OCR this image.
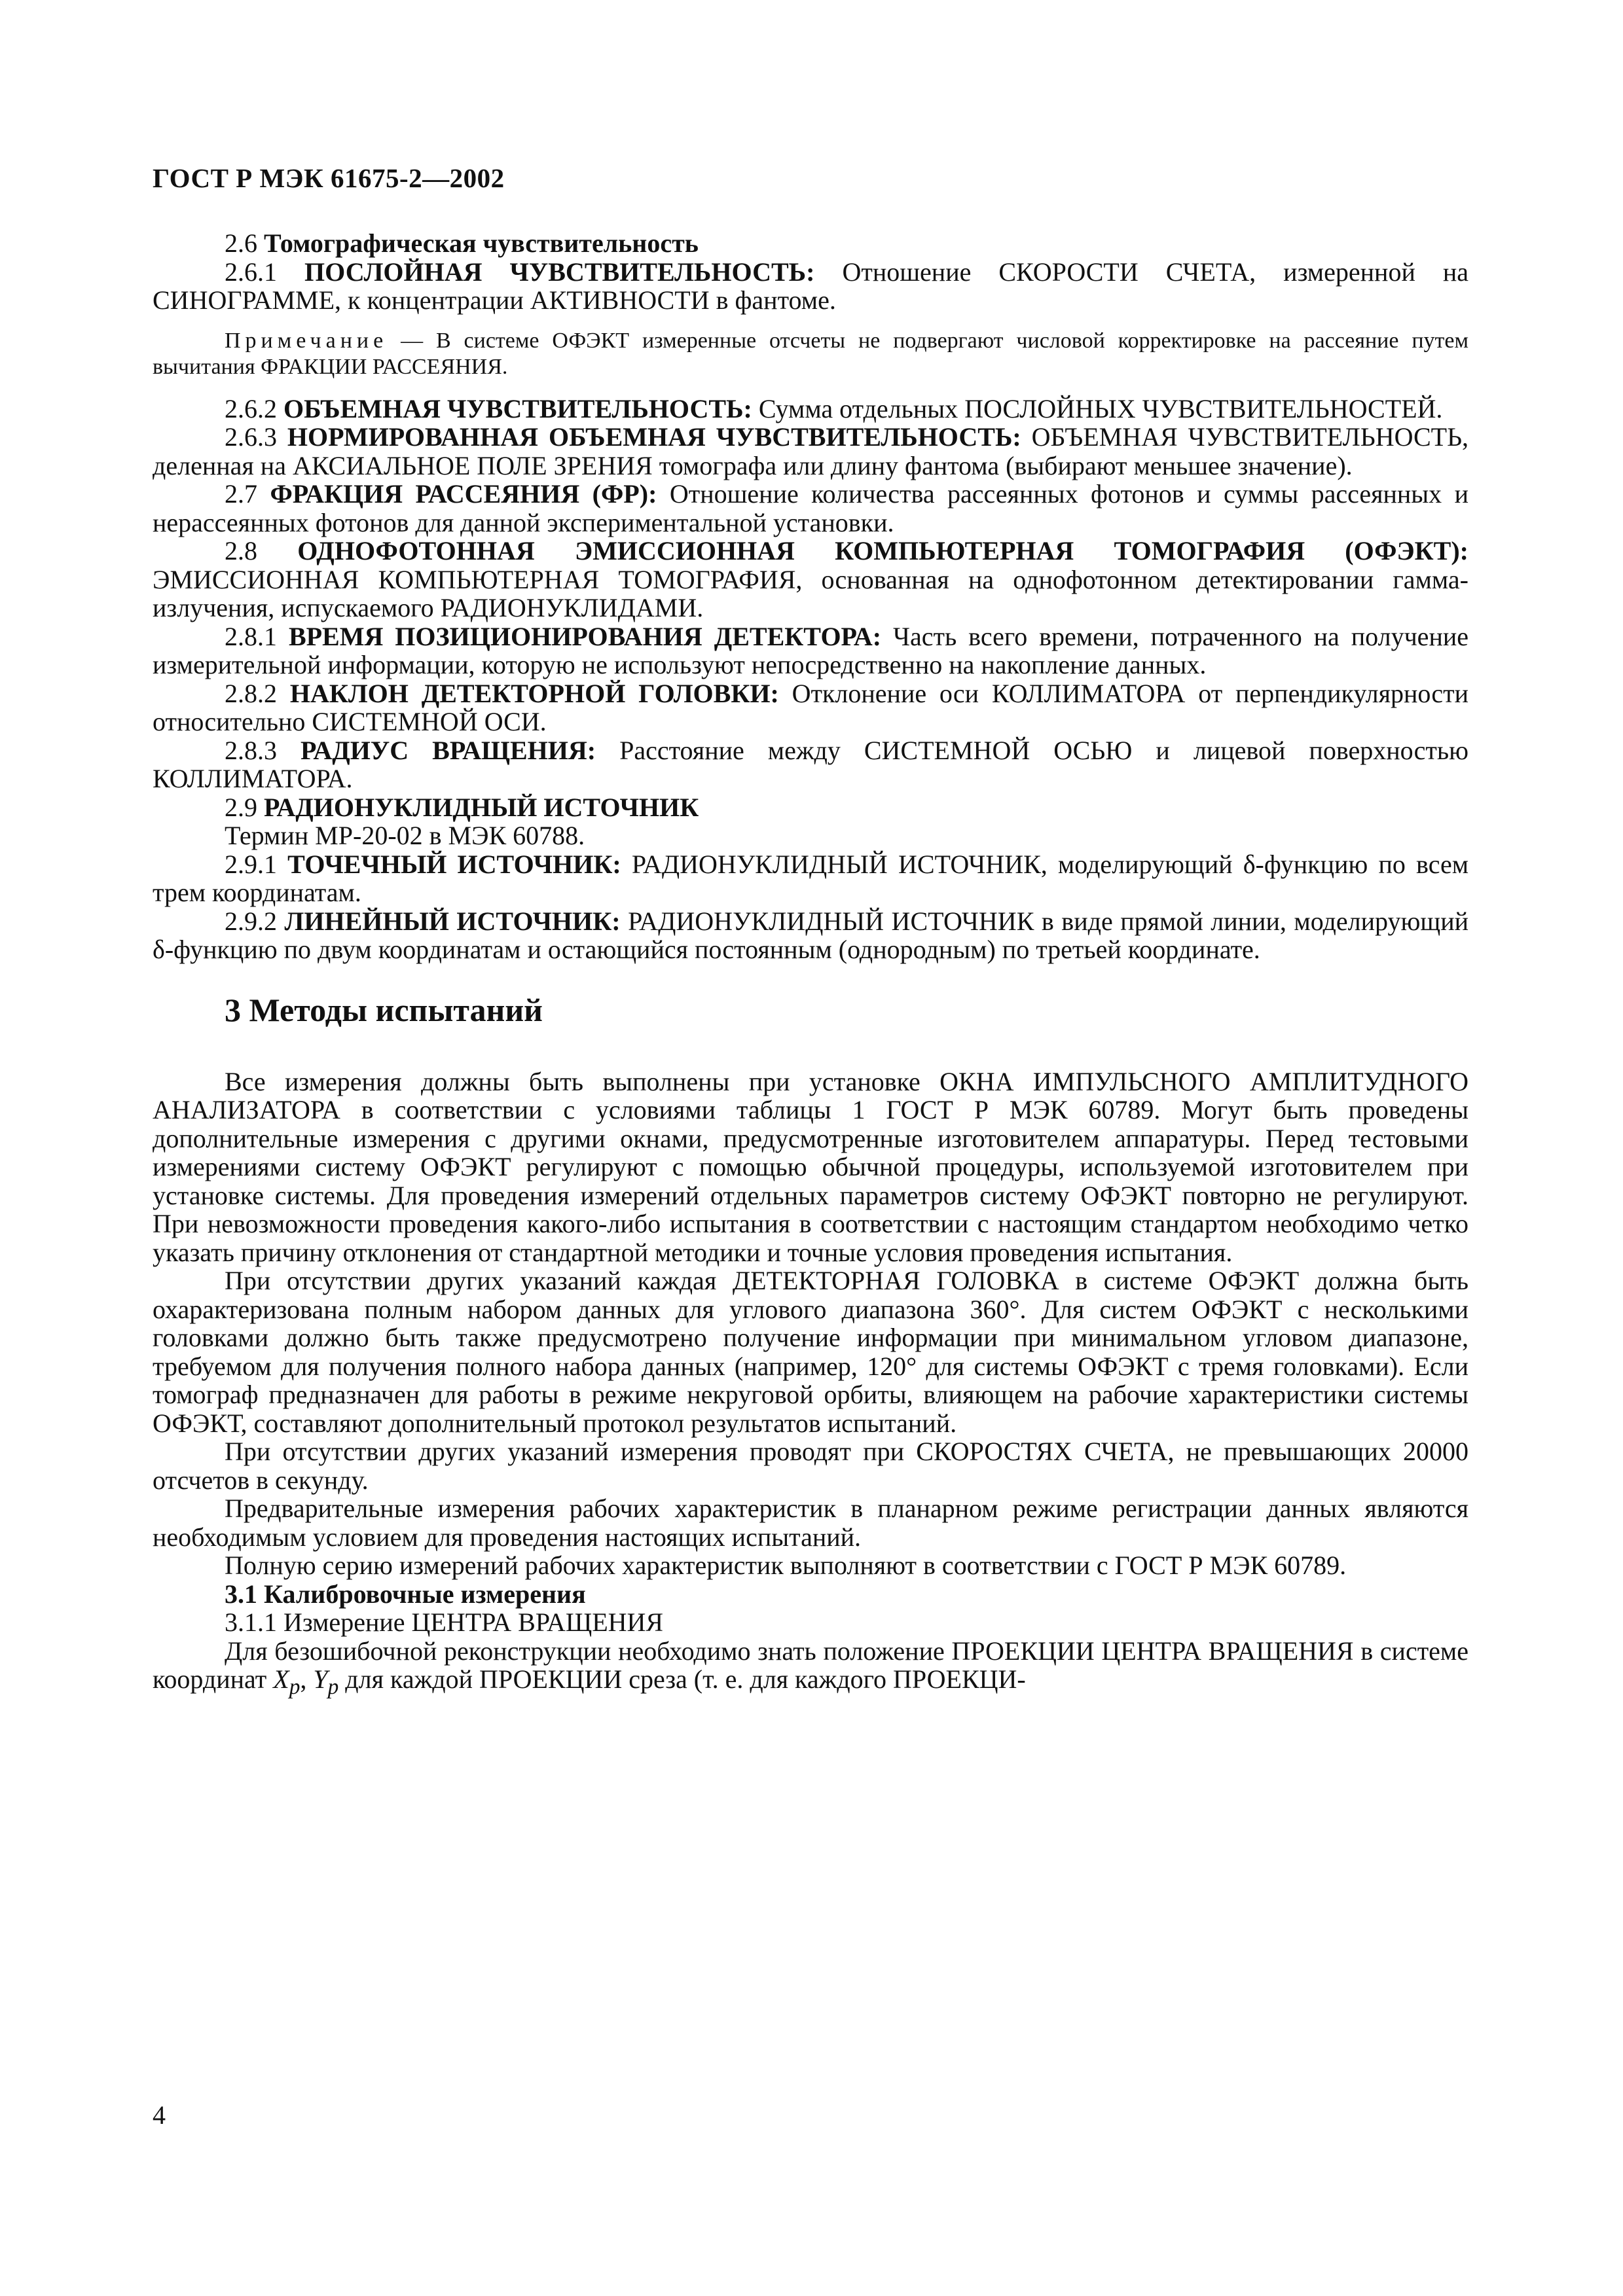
ГОСТ Р МЭК 61675-2—2002

2.6 Томографическая чувствительность

2.6.1 ПОСЛОЙНАЯ ЧУВСТВИТЕЛЬНОСТЬ: Отношение СКОРОСТИ СЧЕТА, измеренной на СИНОГРАММЕ, к концентрации АКТИВНОСТИ в фантоме.

Примечание — В системе ОФЭКТ измеренные отсчеты не подвергают числовой корректировке на рассеяние путем вычитания ФРАКЦИИ РАССЕЯНИЯ.

2.6.2 ОБЪЕМНАЯ ЧУВСТВИТЕЛЬНОСТЬ: Сумма отдельных ПОСЛОЙНЫХ ЧУВСТВИТЕЛЬНОСТЕЙ.

2.6.3 НОРМИРОВАННАЯ ОБЪЕМНАЯ ЧУВСТВИТЕЛЬНОСТЬ: ОБЪЕМНАЯ ЧУВСТВИТЕЛЬНОСТЬ, деленная на АКСИАЛЬНОЕ ПОЛЕ ЗРЕНИЯ томографа или длину фантома (выбирают меньшее значение).

2.7 ФРАКЦИЯ РАССЕЯНИЯ (ФР): Отношение количества рассеянных фотонов и суммы рассеянных и нерассеянных фотонов для данной экспериментальной установки.

2.8 ОДНОФОТОННАЯ ЭМИССИОННАЯ КОМПЬЮТЕРНАЯ ТОМОГРАФИЯ (ОФЭКТ): ЭМИССИОННАЯ КОМПЬЮТЕРНАЯ ТОМОГРАФИЯ, основанная на однофотонном детектировании гамма-излучения, испускаемого РАДИОНУКЛИДАМИ.

2.8.1 ВРЕМЯ ПОЗИЦИОНИРОВАНИЯ ДЕТЕКТОРА: Часть всего времени, потраченного на получение измерительной информации, которую не используют непосредственно на накопление данных.

2.8.2 НАКЛОН ДЕТЕКТОРНОЙ ГОЛОВКИ: Отклонение оси КОЛЛИМАТОРА от перпендикулярности относительно СИСТЕМНОЙ ОСИ.

2.8.3 РАДИУС ВРАЩЕНИЯ: Расстояние между СИСТЕМНОЙ ОСЬЮ и лицевой поверхностью КОЛЛИМАТОРА.

2.9 РАДИОНУКЛИДНЫЙ ИСТОЧНИК

Термин МР-20-02 в МЭК 60788.

2.9.1 ТОЧЕЧНЫЙ ИСТОЧНИК: РАДИОНУКЛИДНЫЙ ИСТОЧНИК, моделирующий δ-функцию по всем трем координатам.

2.9.2 ЛИНЕЙНЫЙ ИСТОЧНИК: РАДИОНУКЛИДНЫЙ ИСТОЧНИК в виде прямой линии, моделирующий δ-функцию по двум координатам и остающийся постоянным (однородным) по третьей координате.

3 Методы испытаний

Все измерения должны быть выполнены при установке ОКНА ИМПУЛЬСНОГО АМПЛИТУДНОГО АНАЛИЗАТОРА в соответствии с условиями таблицы 1 ГОСТ Р МЭК 60789. Могут быть проведены дополнительные измерения с другими окнами, предусмотренные изготовителем аппаратуры. Перед тестовыми измерениями систему ОФЭКТ регулируют с помощью обычной процедуры, используемой изготовителем при установке системы. Для проведения измерений отдельных параметров систему ОФЭКТ повторно не регулируют. При невозможности проведения какого-либо испытания в соответствии с настоящим стандартом необходимо четко указать причину отклонения от стандартной методики и точные условия проведения испытания.

При отсутствии других указаний каждая ДЕТЕКТОРНАЯ ГОЛОВКА в системе ОФЭКТ должна быть охарактеризована полным набором данных для углового диапазона 360°. Для систем ОФЭКТ с несколькими головками должно быть также предусмотрено получение информации при минимальном угловом диапазоне, требуемом для получения полного набора данных (например, 120° для системы ОФЭКТ с тремя головками). Если томограф предназначен для работы в режиме некруговой орбиты, влияющем на рабочие характеристики системы ОФЭКТ, составляют дополнительный протокол результатов испытаний.

При отсутствии других указаний измерения проводят при СКОРОСТЯХ СЧЕТА, не превышающих 20000 отсчетов в секунду.

Предварительные измерения рабочих характеристик в планарном режиме регистрации данных являются необходимым условием для проведения настоящих испытаний.

Полную серию измерений рабочих характеристик выполняют в соответствии с ГОСТ Р МЭК 60789.

3.1 Калибровочные измерения

3.1.1 Измерение ЦЕНТРА ВРАЩЕНИЯ

Для безошибочной реконструкции необходимо знать положение ПРОЕКЦИИ ЦЕНТРА ВРАЩЕНИЯ в системе координат $X_p$, $Y_p$ для каждой ПРОЕКЦИИ среза (т. е. для каждого ПРОЕКЦИ-

4
